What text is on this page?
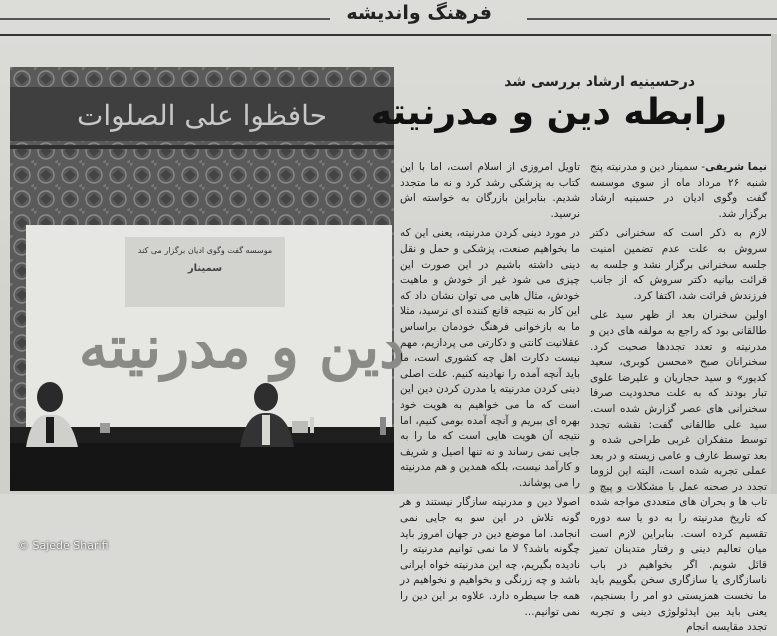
فرهنگ واندیشه
حافظوا علی الصلوات
موسسه گفت وگوی ادیان برگزار می کند
سمینار
دین و مدرنیته
© Sajede Sharifi
درحسینیه ارشاد بررسی شد
رابطه دین و مدرنیته

نیما شریفی- سمینار دین و مدرنیته پنج شنبه ۲۶ مرداد ماه از سوی موسسه گفت وگوی ادیان در حسینیه ارشاد برگزار شد.

لازم به ذکر است که سخنرانی دکتر سروش به علت عدم تضمین امنیت جلسه سخنرانی برگزار نشد و جلسه به قرائت بیانیه دکتر سروش که از جانب فرزندش قرائت شد، اکتفا کرد.

اولین سخنران بعد از ظهر سید علی طالقانی بود که راجع به مولفه های دین و مدرنیته و تعدد تجددها صحبت کرد. سخنرانان صبح «محسن کوبری، سعید کدیور» و سید حجاریان و علیرضا علوی تبار بودند که به علت محدودیت صرفا سخنرانی های عصر گزارش شده است. سید علی طالقانی گفت: نقشه تجدد توسط متفکران غربی طراحی شده و بعد توسط عارف و عامی زیسته و در بعد عملی تجربه شده است، البته این لزوما تجدد در صحنه عمل با مشکلات و پیچ و تاب ها و بحران های متعددی مواجه شده که تاریخ مدرنیته را به دو یا سه دوره تقسیم کرده است. بنابراین لازم است میان تعالیم دینی و رفتار متدینان تمیز قائل شویم. اگر بخواهیم در باب ناسازگاری یا سازگاری سخن بگوییم باید ما نخست همزیستی دو امر را بسنجیم، یعنی باید بین ایدئولوژی دینی و تجربه تجدد مقایسه انجام

تاویل امروزی از اسلام است، اما با این کتاب به پزشکی رشد کرد و نه ما متجدد شدیم. بنابراین بازرگان به خواسته اش نرسید.

در مورد دینی کردن مدرنیته، یعنی این که ما بخواهیم صنعت، پزشکی و حمل و نقل دینی داشته باشیم در این صورت این چیزی می شود غیر از خودش و ماهیت خودش، مثال هایی می توان نشان داد که این کار به نتیجه قانع کننده ای نرسید، مثلا ما به بازخوانی فرهنگ خودمان براساس عقلانیت کانتی و دکارتی می پردازیم، مهم نیست دکارت اهل چه کشوری است، ما باید آنچه آمده را نهادینه کنیم. علت اصلی دینی کردن مدرنیته یا مدرن کردن دین این است که ما می خواهیم به هویت خود بهره ای ببریم و آنچه آمده بومی کنیم، اما نتیجه آن هویت هایی است که ما را به جایی نمی رساند و نه تنها اصیل و شریف و کارآمد نیست، بلکه همدین و هم مدرنیته را می پوشاند.

اصولا دین و مدرنیته سازگار نیستند و هر گونه تلاش در این سو به جایی نمی انجامد. اما موضع دین در جهان امروز باید چگونه باشد؟ لا ما نمی توانیم مدرنیته را نادیده بگیریم، چه این مدرنیته خواه ایرانی باشد و چه زرنگی و بخواهیم و نخواهیم در همه جا سیطره دارد. علاوه بر این دین را نمی توانیم...
